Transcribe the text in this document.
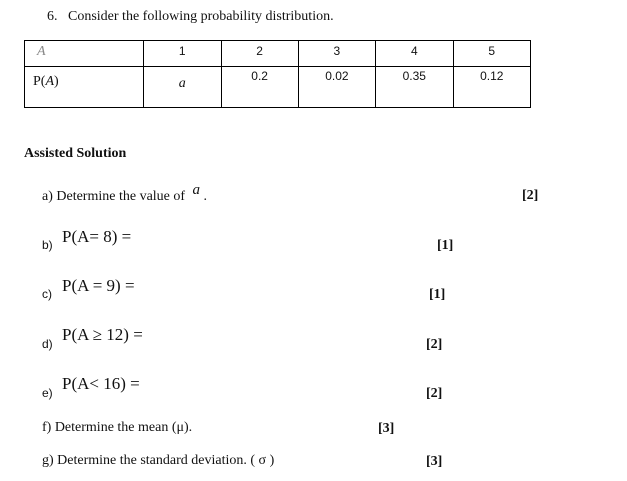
6. Consider the following probability distribution.
A	1	2	3	4	5
P(A)	a	0.2	0.02	0.35	0.12
Assisted Solution
a) Determine the value of a .	[2]
b) P(A= 8) =	[1]
c) P(A = 9) =	[1]
d) P(A ≥ 12) =
[2]
e) P(A< 16) =
[2]
f) Determine the mean (μ).	[3]
g) Determine the standard deviation. ( σ )	[3]
